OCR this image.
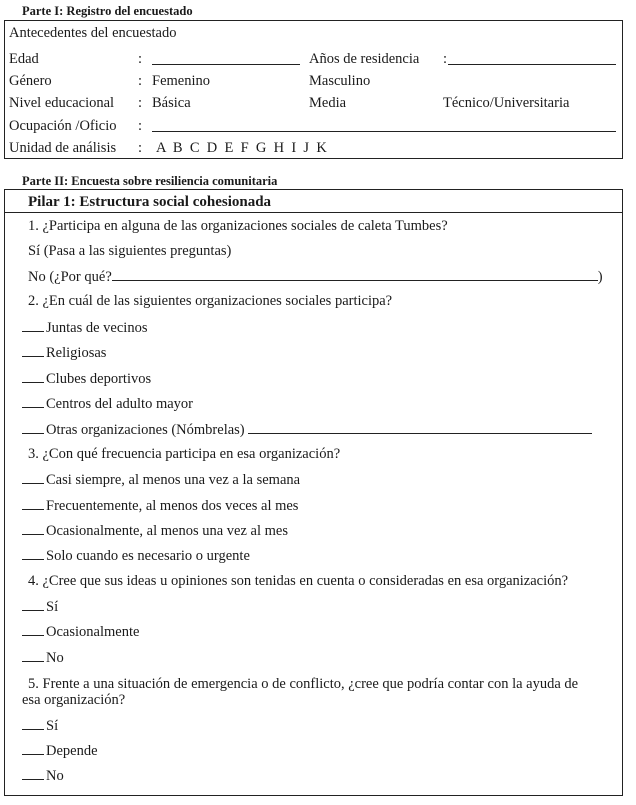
Parte I: Registro del encuestado
Antecedentes del encuestado
Edad	:	Años de residencia :
Género	: Femenino	Masculino
Nivel educacional : Básica	Media	Técnico/Universitaria
Ocupación /Oficio :
Unidad de análisis : A  B  C  D  E  F  G  H  I  J  K
Parte II: Encuesta sobre resiliencia comunitaria
Pilar 1: Estructura social cohesionada
1. ¿Participa en alguna de las organizaciones sociales de caleta Tumbes?
Sí (Pasa a las siguientes preguntas)
No (¿Por qué?	)
2. ¿En cuál de las siguientes organizaciones sociales participa?
Juntas de vecinos
Religiosas
Clubes deportivos
Centros del adulto mayor
Otras organizaciones (Nómbrelas)
3. ¿Con qué frecuencia participa en esa organización?
Casi siempre, al menos una vez a la semana
Frecuentemente, al menos dos veces al mes
Ocasionalmente, al menos una vez al mes
Solo cuando es necesario o urgente
4. ¿Cree que sus ideas u opiniones son tenidas en cuenta o consideradas en esa organización?
Sí
Ocasionalmente
No
5. Frente a una situación de emergencia o de conflicto, ¿cree que podría contar con la ayuda de
esa organización?
Sí
Depende
No
